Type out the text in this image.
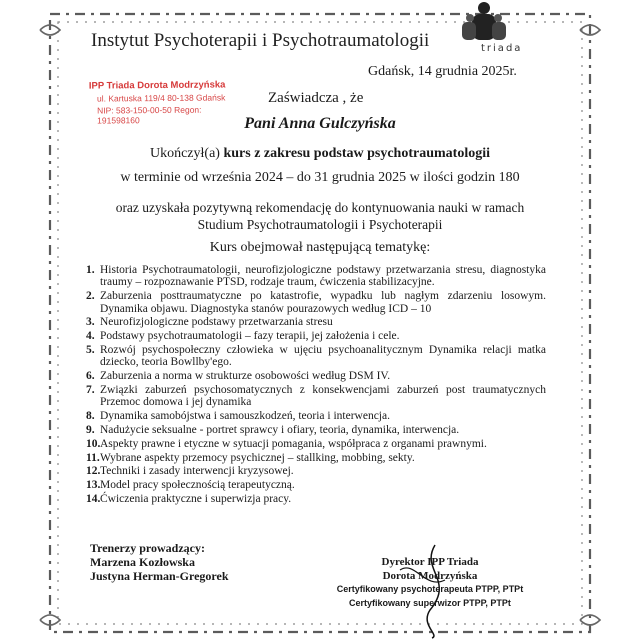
Instytut Psychoterapii i Psychotraumatologii	triada
IPP Triada Dorota Modrzyńska
ul. Kartuska 119/4 80-138 Gdańsk
NIP: 583-150-00-50 Regon: 191598160
Gdańsk, 14 grudnia 2025r.
Zaświadcza , że
Pani Anna Gulczyńska
Ukończył(a) kurs z zakresu podstaw psychotraumatologii
w terminie od września 2024 – do 31 grudnia 2025 w ilości godzin 180
oraz uzyskała pozytywną rekomendację do kontynuowania nauki w ramach
Studium Psychotraumatologii i Psychoterapii
Kurs obejmował następującą tematykę:
1. Historia Psychotraumatologii, neurofizjologiczne podstawy przetwarzania stresu, diagnostyka traumy – rozpoznawanie PTSD, rodzaje traum, ćwiczenia stabilizacyjne.
2. Zaburzenia posttraumatyczne po katastrofie, wypadku lub nagłym zdarzeniu losowym. Dynamika objawu. Diagnostyka stanów pourazowych według ICD – 10
3. Neurofizjologiczne podstawy przetwarzania stresu
4. Podstawy psychotraumatologii – fazy terapii, jej założenia i cele.
5. Rozwój psychospołeczny człowieka w ujęciu psychoanalitycznym Dynamika relacji matka dziecko, teoria Bowllby'ego.
6. Zaburzenia a norma w strukturze osobowości według DSM IV.
7. Związki zaburzeń psychosomatycznych z konsekwencjami zaburzeń post traumatycznych Przemoc domowa i jej dynamika
8. Dynamika samobójstwa i samouszkodzeń, teoria i interwencja.
9. Nadużycie seksualne - portret sprawcy i ofiary, teoria, dynamika, interwencja.
10. Aspekty prawne i etyczne w sytuacji pomagania, współpraca z organami prawnymi.
11. Wybrane aspekty przemocy psychicznej – stallking, mobbing, sekty.
12. Techniki i zasady interwencji kryzysowej.
13. Model pracy społecznością terapeutyczną.
14. Ćwiczenia praktyczne i superwizja pracy.
Trenerzy prowadzący:
Marzena Kozłowska
Justyna Herman-Gregorek
Dyrektor IPP Triada
Dorota Modrzyńska
Certyfikowany psychoterapeuta PTPP, PTPt
Certyfikowany superwizor PTPP, PTPt
